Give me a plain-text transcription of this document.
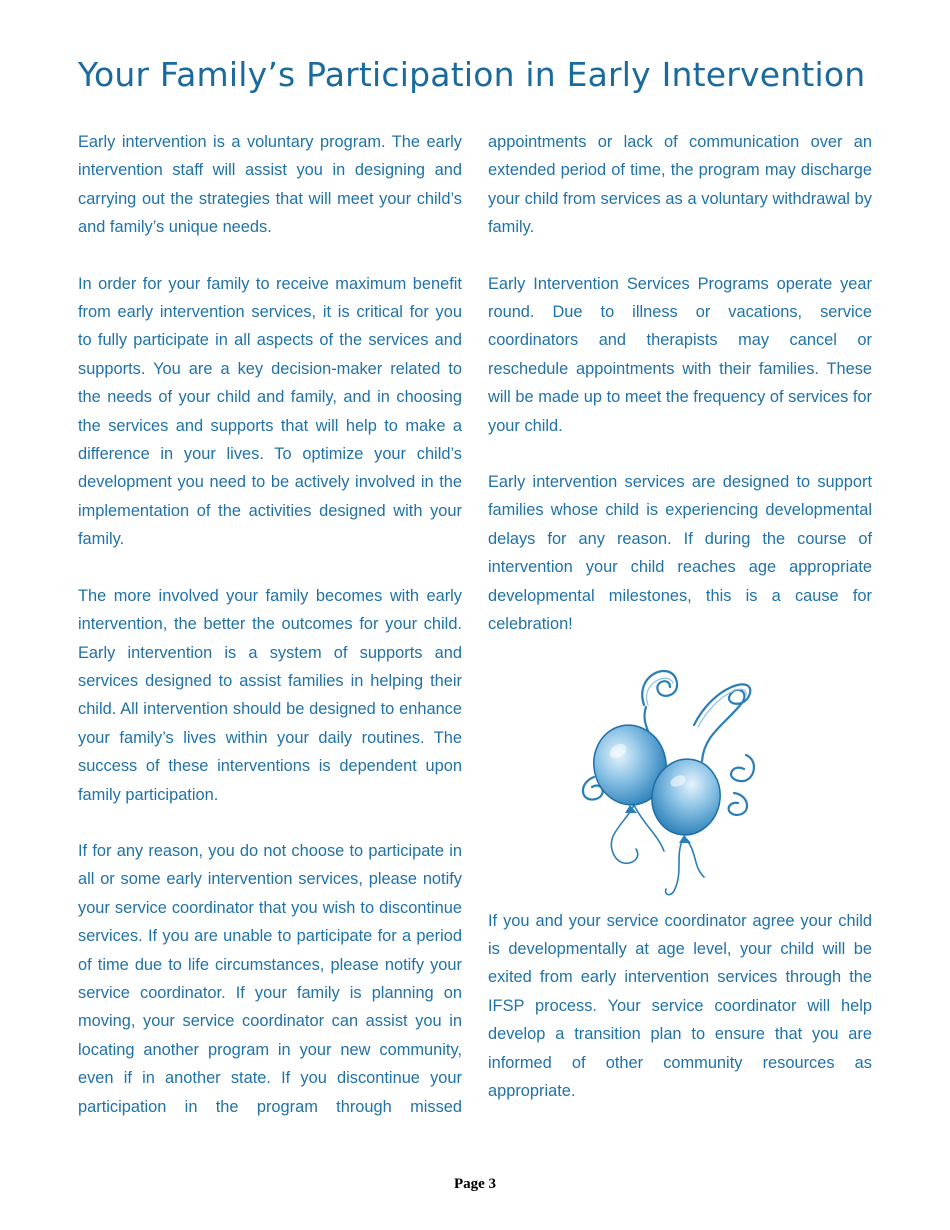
Your Family’s Participation in Early Intervention

Early intervention is a voluntary program. The early intervention staff will assist you in designing and carrying out the strategies that will meet your child’s and family’s unique needs.

In order for your family to receive maximum benefit from early intervention services, it is critical for you to fully participate in all aspects of the services and supports. You are a key decision-maker related to the needs of your child and family, and in choosing the services and supports that will help to make a difference in your lives. To optimize your child’s development you need to be actively involved in the implementation of the activities designed with your family.

The more involved your family becomes with early intervention, the better the outcomes for your child. Early intervention is a system of supports and services designed to assist families in helping their child. All intervention should be designed to enhance your family’s lives within your daily routines. The success of these interventions is dependent upon family participation.

If for any reason, you do not choose to participate in all or some early intervention services, please notify your service coordinator that you wish to discontinue services. If you are unable to participate for a period of time due to life circumstances, please notify your service coordinator. If your family is planning on moving, your service coordinator can assist you in locating another program in your new community, even if in another state. If you discontinue your participation in the program through missed

appointments or lack of communication over an extended period of time, the program may discharge your child from services as a voluntary withdrawal by family.

Early Intervention Services Programs operate year round. Due to illness or vacations, service coordinators and therapists may cancel or reschedule appointments with their families. These will be made up to meet the frequency of services for your child.

Early intervention services are designed to support families whose child is experiencing developmental delays for any reason. If during the course of intervention your child reaches age appropriate developmental milestones, this is a cause for celebration!

If you and your service coordinator agree your child is developmentally at age level, your child will be exited from early intervention services through the IFSP process. Your service coordinator will help develop a transition plan to ensure that you are informed of other community resources as appropriate.

Page 3
